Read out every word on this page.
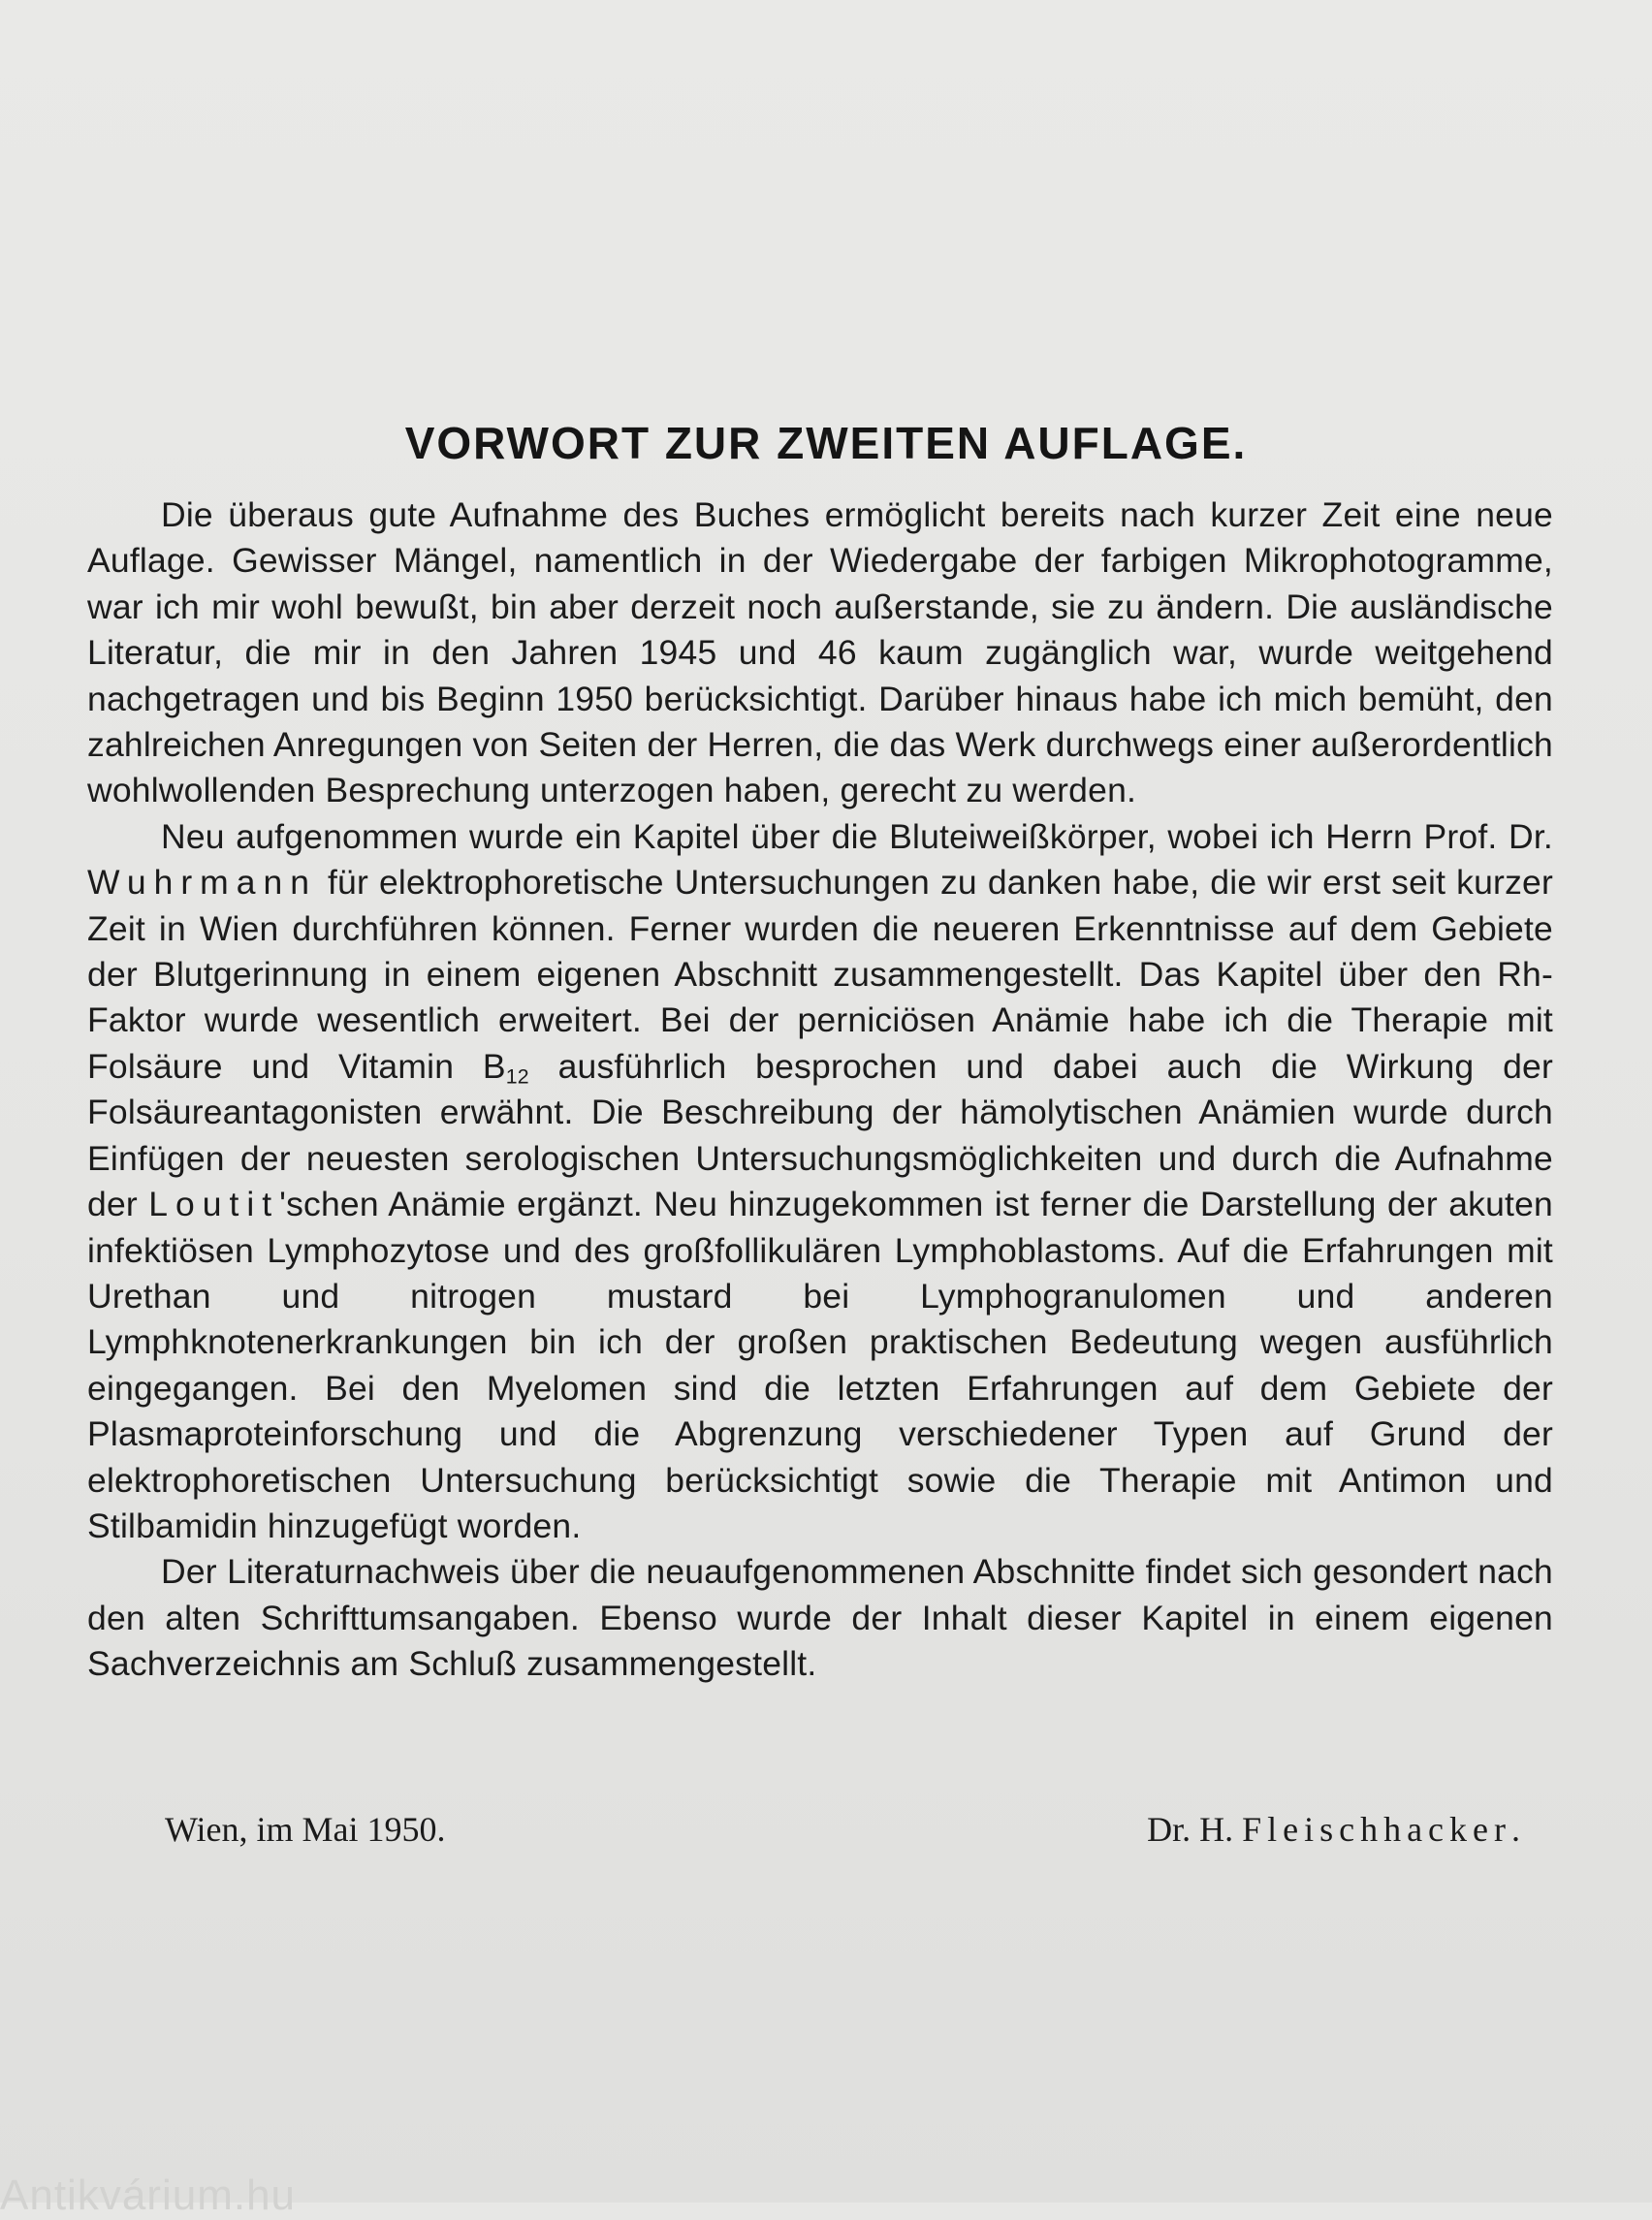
VORWORT ZUR ZWEITEN AUFLAGE.

Die überaus gute Aufnahme des Buches ermöglicht bereits nach kurzer Zeit eine neue Auflage. Gewisser Mängel, namentlich in der Wiedergabe der farbigen Mikrophotogramme, war ich mir wohl bewußt, bin aber derzeit noch außerstande, sie zu ändern. Die ausländische Literatur, die mir in den Jahren 1945 und 46 kaum zugänglich war, wurde weitgehend nachgetragen und bis Beginn 1950 berücksichtigt. Darüber hinaus habe ich mich bemüht, den zahlreichen Anregungen von Seiten der Herren, die das Werk durchwegs einer außerordentlich wohlwollenden Besprechung unterzogen haben, gerecht zu werden.

Neu aufgenommen wurde ein Kapitel über die Bluteiweißkörper, wobei ich Herrn Prof. Dr. Wuhrmann für elektrophoretische Untersuchungen zu danken habe, die wir erst seit kurzer Zeit in Wien durchführen können. Ferner wurden die neueren Erkenntnisse auf dem Gebiete der Blutgerinnung in einem eigenen Abschnitt zusammengestellt. Das Kapitel über den Rh-Faktor wurde wesentlich erweitert. Bei der perniciösen Anämie habe ich die Therapie mit Folsäure und Vitamin $B_{12}$ ausführlich besprochen und dabei auch die Wirkung der Folsäureantagonisten erwähnt. Die Beschreibung der hämolytischen Anämien wurde durch Einfügen der neuesten serologischen Untersuchungsmöglichkeiten und durch die Aufnahme der Loutit'schen Anämie ergänzt. Neu hinzugekommen ist ferner die Darstellung der akuten infektiösen Lymphozytose und des großfollikulären Lymphoblastoms. Auf die Erfahrungen mit Urethan und nitrogen mustard bei Lymphogranulomen und anderen Lymphknotenerkrankungen bin ich der großen praktischen Bedeutung wegen ausführlich eingegangen. Bei den Myelomen sind die letzten Erfahrungen auf dem Gebiete der Plasmaproteinforschung und die Abgrenzung verschiedener Typen auf Grund der elektrophoretischen Untersuchung berücksichtigt sowie die Therapie mit Antimon und Stilbamidin hinzugefügt worden.

Der Literaturnachweis über die neuaufgenommenen Abschnitte findet sich gesondert nach den alten Schrifttumsangaben. Ebenso wurde der Inhalt dieser Kapitel in einem eigenen Sachverzeichnis am Schluß zusammengestellt.

Wien, im Mai 1950.	Dr. H. Fleischhacker.
Antikvárium.hu
